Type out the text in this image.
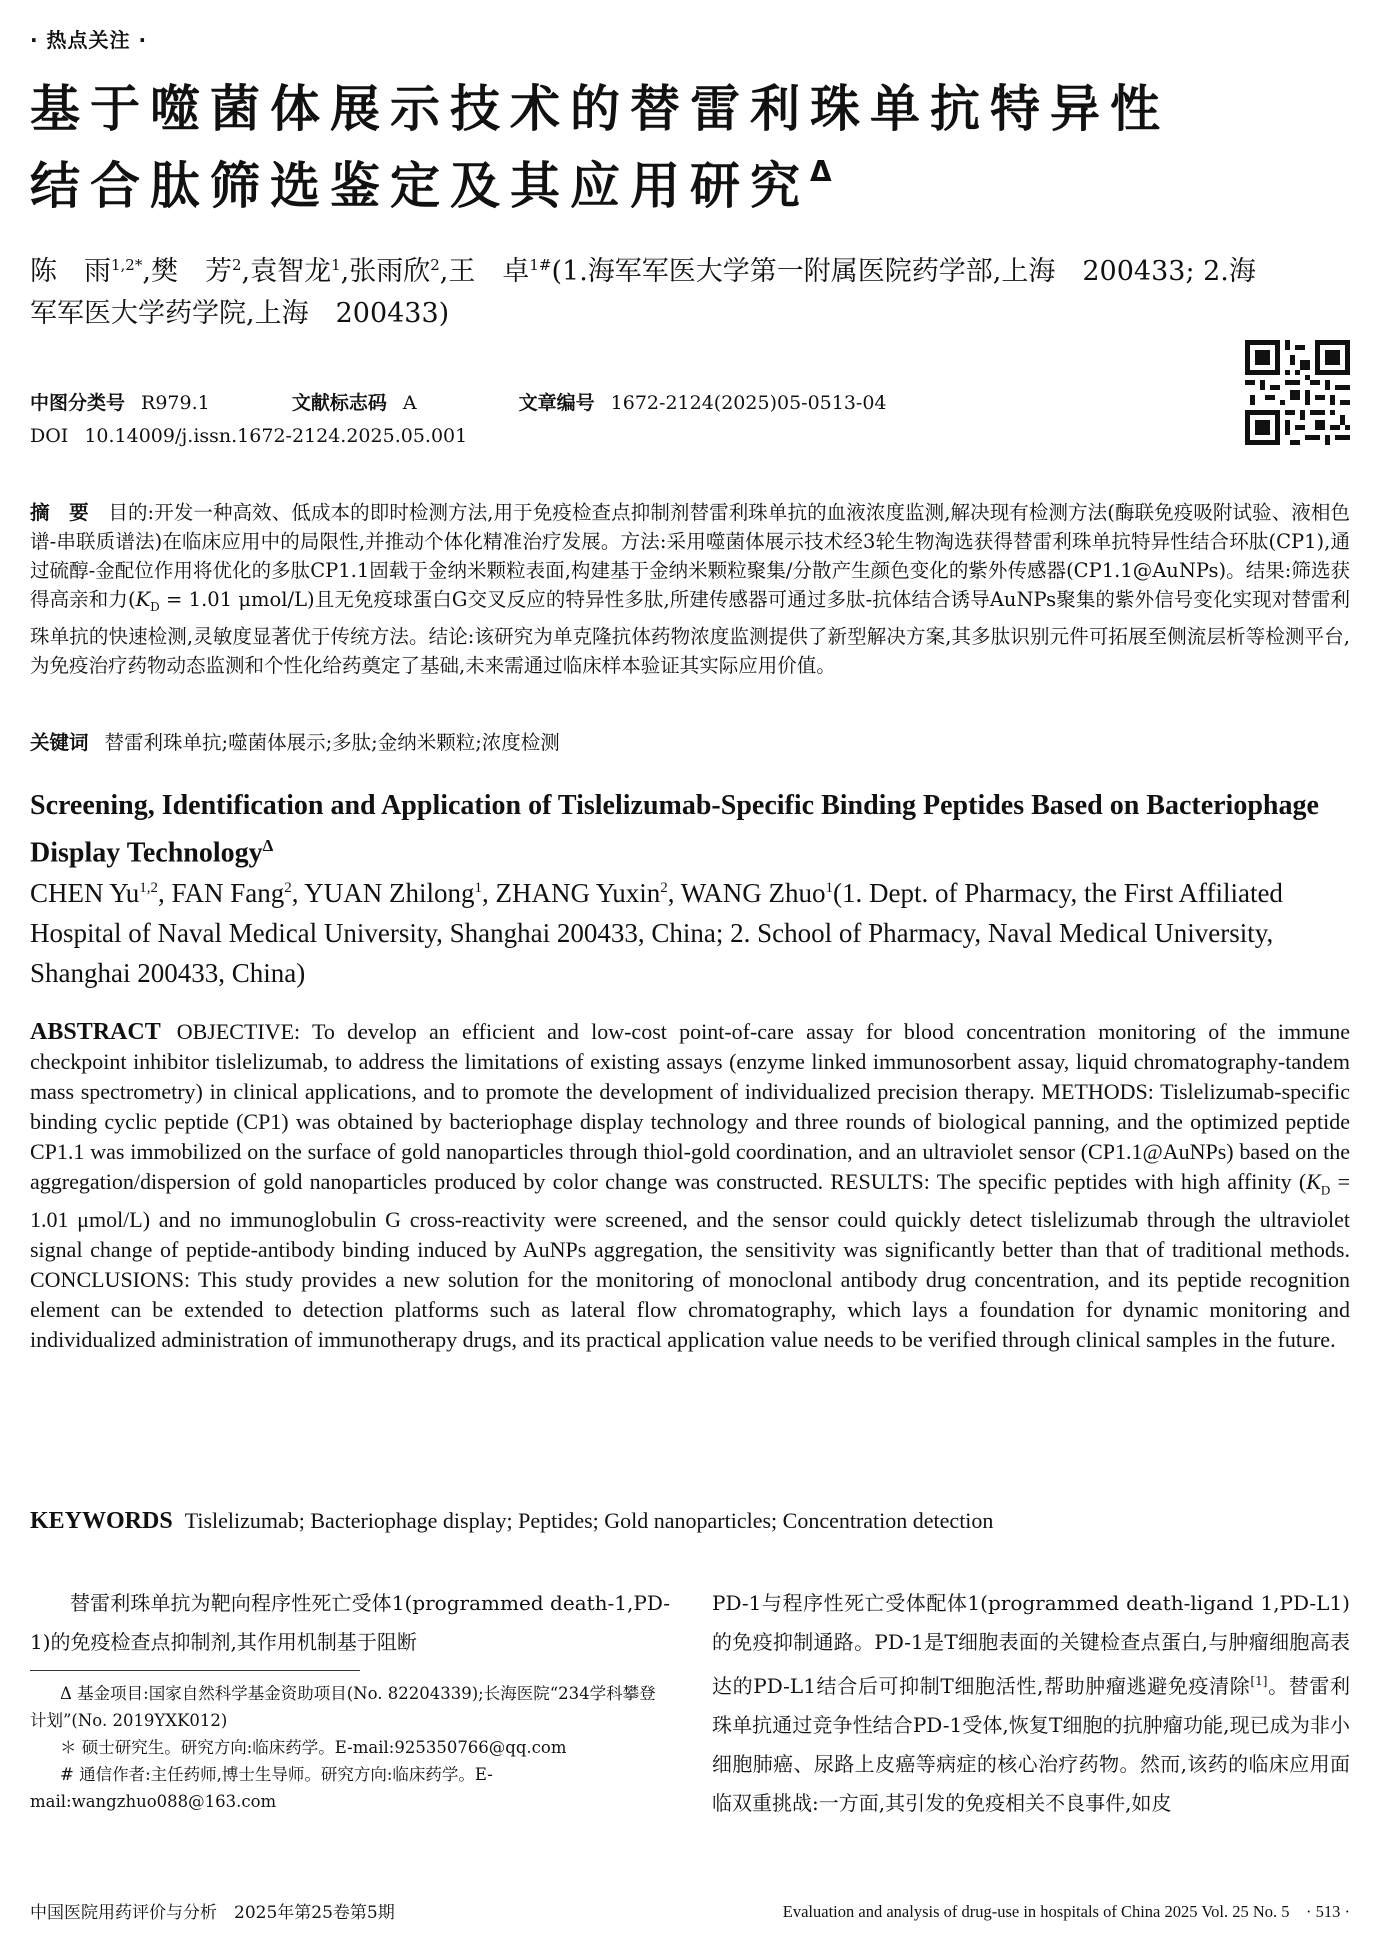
· 热点关注 ·
基于噬菌体展示技术的替雷利珠单抗特异性
结合肽筛选鉴定及其应用研究$^\Delta$
陈　雨$^{1,2*}$,樊　芳$^2$,袁智龙$^1$,张雨欣$^2$,王　卓$^{1\#}$(1.海军军医大学第一附属医院药学部,上海　200433; 2.海
军军医大学药学院,上海　200433)
中图分类号 R979.1	文献标志码 A	文章编号 1672-2124(2025)05-0513-04
DOI 10.14009/j.issn.1672-2124.2025.05.001
摘　要　 目的:开发一种高效、低成本的即时检测方法,用于免疫检查点抑制剂替雷利珠单抗的血液浓度监测,解决现有检测方法(酶联免疫吸附试验、液相色谱-串联质谱法)在临床应用中的局限性,并推动个体化精准治疗发展。方法:采用噬菌体展示技术经3轮生物淘选获得替雷利珠单抗特异性结合环肽(CP1),通过硫醇-金配位作用将优化的多肽CP1.1固载于金纳米颗粒表面,构建基于金纳米颗粒聚集/分散产生颜色变化的紫外传感器(CP1.1@AuNPs)。结果:筛选获得高亲和力($K_D = 1.01$ μmol/L)且无免疫球蛋白G交叉反应的特异性多肽,所建传感器可通过多肽-抗体结合诱导AuNPs聚集的紫外信号变化实现对替雷利珠单抗的快速检测,灵敏度显著优于传统方法。结论:该研究为单克隆抗体药物浓度监测提供了新型解决方案,其多肽识别元件可拓展至侧流层析等检测平台,为免疫治疗药物动态监测和个性化给药奠定了基础,未来需通过临床样本验证其实际应用价值。
关键词 替雷利珠单抗;噬菌体展示;多肽;金纳米颗粒;浓度检测
Screening, Identification and Application of Tislelizumab-Specific Binding Peptides Based on Bacteriophage Display Technology$^\Delta$
CHEN Yu$^{1,2}$, FAN Fang$^2$, YUAN Zhilong$^1$, ZHANG Yuxin$^2$, WANG Zhuo$^1$(1. Dept. of Pharmacy, the First Affiliated Hospital of Naval Medical University, Shanghai 200433, China; 2. School of Pharmacy, Naval Medical University, Shanghai 200433, China)
ABSTRACT OBJECTIVE: To develop an efficient and low-cost point-of-care assay for blood concentration monitoring of the immune checkpoint inhibitor tislelizumab, to address the limitations of existing assays (enzyme linked immunosorbent assay, liquid chromatography-tandem mass spectrometry) in clinical applications, and to promote the development of individualized precision therapy. METHODS: Tislelizumab-specific binding cyclic peptide (CP1) was obtained by bacteriophage display technology and three rounds of biological panning, and the optimized peptide CP1.1 was immobilized on the surface of gold nanoparticles through thiol-gold coordination, and an ultraviolet sensor (CP1.1@AuNPs) based on the aggregation/dispersion of gold nanoparticles produced by color change was constructed. RESULTS: The specific peptides with high affinity ($K_D = 1.01$ μmol/L) and no immunoglobulin G cross-reactivity were screened, and the sensor could quickly detect tislelizumab through the ultraviolet signal change of peptide-antibody binding induced by AuNPs aggregation, the sensitivity was significantly better than that of traditional methods. CONCLUSIONS: This study provides a new solution for the monitoring of monoclonal antibody drug concentration, and its peptide recognition element can be extended to detection platforms such as lateral flow chromatography, which lays a foundation for dynamic monitoring and individualized administration of immunotherapy drugs, and its practical application value needs to be verified through clinical samples in the future.
KEYWORDS Tislelizumab; Bacteriophage display; Peptides; Gold nanoparticles; Concentration detection
替雷利珠单抗为靶向程序性死亡受体1(programmed death-1,PD-1)的免疫检查点抑制剂,其作用机制基于阻断

Δ 基金项目:国家自然科学基金资助项目(No. 82204339);长海医院“234学科攀登计划”(No. 2019YXK012)

＊ 硕士研究生。研究方向:临床药学。E-mail:925350766@qq.com

# 通信作者:主任药师,博士生导师。研究方向:临床药学。E-mail:wangzhuo088@163.com

PD-1与程序性死亡受体配体1(programmed death-ligand 1,PD-L1)的免疫抑制通路。PD-1是T细胞表面的关键检查点蛋白,与肿瘤细胞高表达的PD-L1结合后可抑制T细胞活性,帮助肿瘤逃避免疫清除[1]。替雷利珠单抗通过竞争性结合PD-1受体,恢复T细胞的抗肿瘤功能,现已成为非小细胞肺癌、尿路上皮癌等病症的核心治疗药物。然而,该药的临床应用面临双重挑战:一方面,其引发的免疫相关不良事件,如皮
中国医院用药评价与分析　2025年第25卷第5期	Evaluation and analysis of drug-use in hospitals of China 2025 Vol. 25 No. 5　· 513 ·
